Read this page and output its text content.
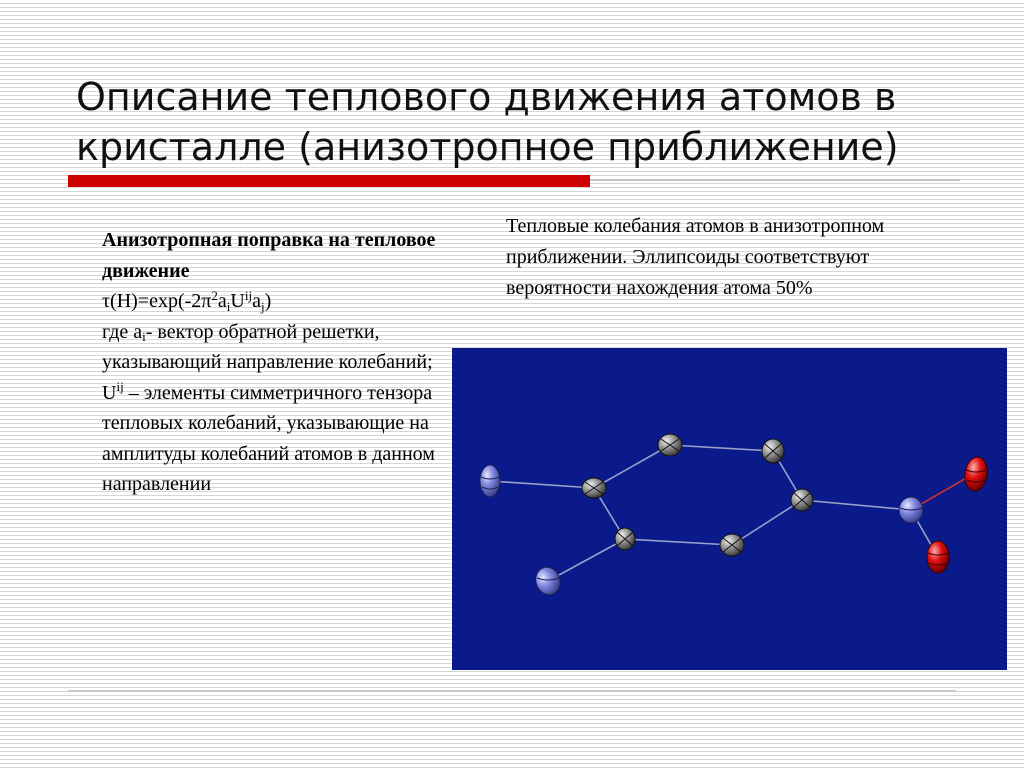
Описание теплового движения атомов в кристалле (анизотропное приближение)

Анизотропная поправка на тепловое движение

$\tau(H)=\exp(-2\pi^2a_iU^{ij}a_j)$

где $a_i-$ вектор обратной решетки, указывающий направление колебаний;

$U^{ij}$ – элементы симметричного тензора тепловых колебаний, указывающие на амплитуды колебаний атомов в данном направлении

Тепловые колебания атомов в анизотропном приближении. Эллипсоиды соответствуют вероятности нахождения атома 50%
